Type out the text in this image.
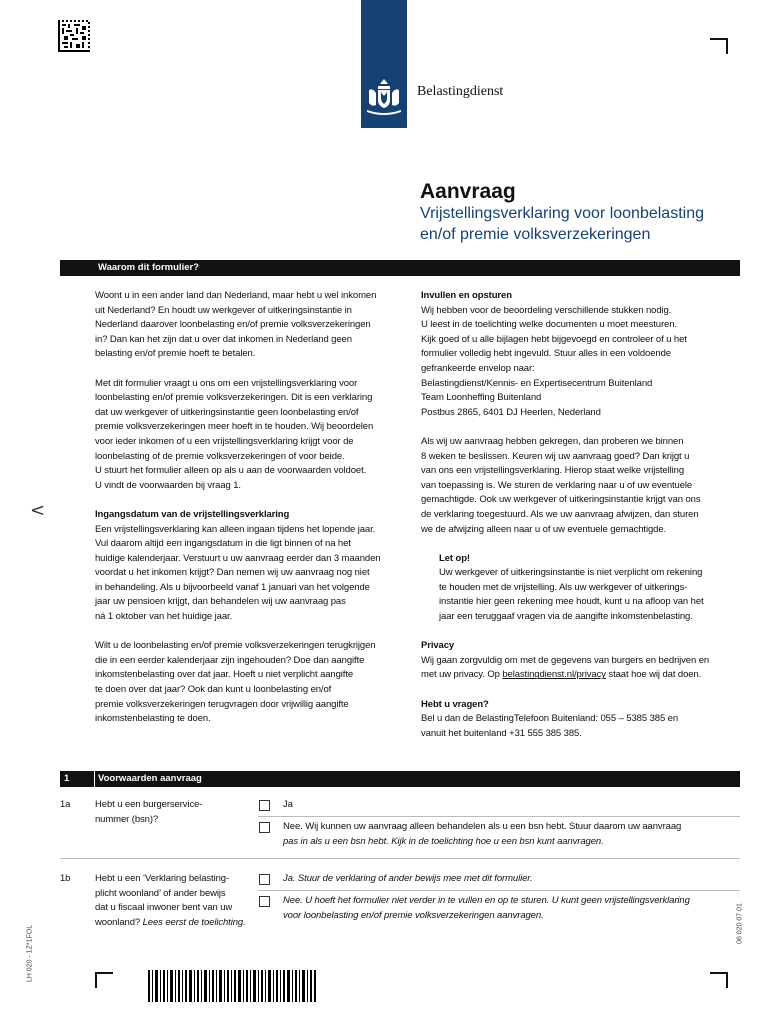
Belastingdienst
Aanvraag
Vrijstellingsverklaring voor loonbelasting
en/of premie volksverzekeringen
Waarom dit formulier?

Woont u in een ander land dan Nederland, maar hebt u wel inkomen
uit Nederland? En houdt uw werkgever of uitkeringsinstantie in
Nederland daarover loonbelasting en/of premie volksverzekeringen
in? Dan kan het zijn dat u over dat inkomen in Nederland geen
belasting en/of premie hoeft te betalen.

Met dit formulier vraagt u ons om een vrijstellingsverklaring voor
loonbelasting en/of premie volksverzekeringen. Dit is een verklaring
dat uw werkgever of uitkeringsinstantie geen loonbelasting en/of
premie volksverzekeringen meer hoeft in te houden. Wij beoordelen
voor ieder inkomen of u een vrijstellingsverklaring krijgt voor de
loonbelasting of de premie volksverzekeringen of voor beide.
U stuurt het formulier alleen op als u aan de voorwaarden voldoet.
U vindt de voorwaarden bij vraag 1.

Ingangsdatum van de vrijstellingsverklaring

Een vrijstellingsverklaring kan alleen ingaan tijdens het lopende jaar.
Vul daarom altijd een ingangsdatum in die ligt binnen of na het
huidige kalenderjaar. Verstuurt u uw aanvraag eerder dan 3 maanden
voordat u het inkomen krijgt? Dan nemen wij uw aanvraag nog niet
in behandeling. Als u bijvoorbeeld vanaf 1 januari van het volgende
jaar uw pensioen krijgt, dan behandelen wij uw aanvraag pas
ná 1 oktober van het huidige jaar.

Wilt u de loonbelasting en/of premie volksverzekeringen terugkrijgen
die in een eerder kalenderjaar zijn ingehouden? Doe dan aangifte
inkomstenbelasting over dat jaar. Hoeft u niet verplicht aangifte
te doen over dat jaar? Ook dan kunt u loonbelasting en/of
premie volksverzekeringen terugvragen door vrijwillig aangifte
inkomstenbelasting te doen.

Invullen en opsturen

Wij hebben voor de beoordeling verschillende stukken nodig.
U leest in de toelichting welke documenten u moet meesturen.
Kijk goed of u alle bijlagen hebt bijgevoegd en controleer of u het
formulier volledig hebt ingevuld. Stuur alles in een voldoende
gefrankeerde envelop naar:
Belastingdienst/Kennis- en Expertisecentrum Buitenland
Team Loonheffing Buitenland
Postbus 2865, 6401 DJ Heerlen, Nederland

Als wij uw aanvraag hebben gekregen, dan proberen we binnen
8 weken te beslissen. Keuren wij uw aanvraag goed? Dan krijgt u
van ons een vrijstellingsverklaring. Hierop staat welke vrijstelling
van toepassing is. We sturen de verklaring naar u of uw eventuele
gemachtigde. Ook uw werkgever of uitkeringsinstantie krijgt van ons
de verklaring toegestuurd. Als we uw aanvraag afwijzen, dan sturen
we de afwijzing alleen naar u of uw eventuele gemachtigde.

Let op!

Uw werkgever of uitkeringsinstantie is niet verplicht om rekening
te houden met de vrijstelling. Als uw werkgever of uitkerings-
instantie hier geen rekening mee houdt, kunt u na afloop van het
jaar een teruggaaf vragen via de aangifte inkomstenbelasting.

Privacy

Wij gaan zorgvuldig om met de gegevens van burgers en bedrijven en
met uw privacy. Op belastingdienst.nl/privacy staat hoe wij dat doen.

Hebt u vragen?

Bel u dan de BelastingTelefoon Buitenland: 055 – 5385 385 en
vanuit het buitenland +31 555 385 385.

1	Voorwaarden aanvraag
1a	Hebt u een burgerservice-
nummer (bsn)?
Ja
Nee. Wij kunnen uw aanvraag alleen behandelen als u een bsn hebt. Stuur daarom uw aanvraag
pas in als u een bsn hebt. Kijk in de toelichting hoe u een bsn kunt aanvragen.
1b	Hebt u een ‘Verklaring belasting-
plicht woonland’ of ander bewijs
dat u fiscaal inwoner bent van uw
woonland? Lees eerst de toelichting.
Ja. Stuur de verklaring of ander bewijs mee met dit formulier.
Nee. U hoeft het formulier niet verder in te vullen en op te sturen. U kunt geen vrijstellingsverklaring
voor loonbelasting en/of premie volksverzekeringen aanvragen.
<
LH 020 - 1Z*1FOL
06 020 07 01
